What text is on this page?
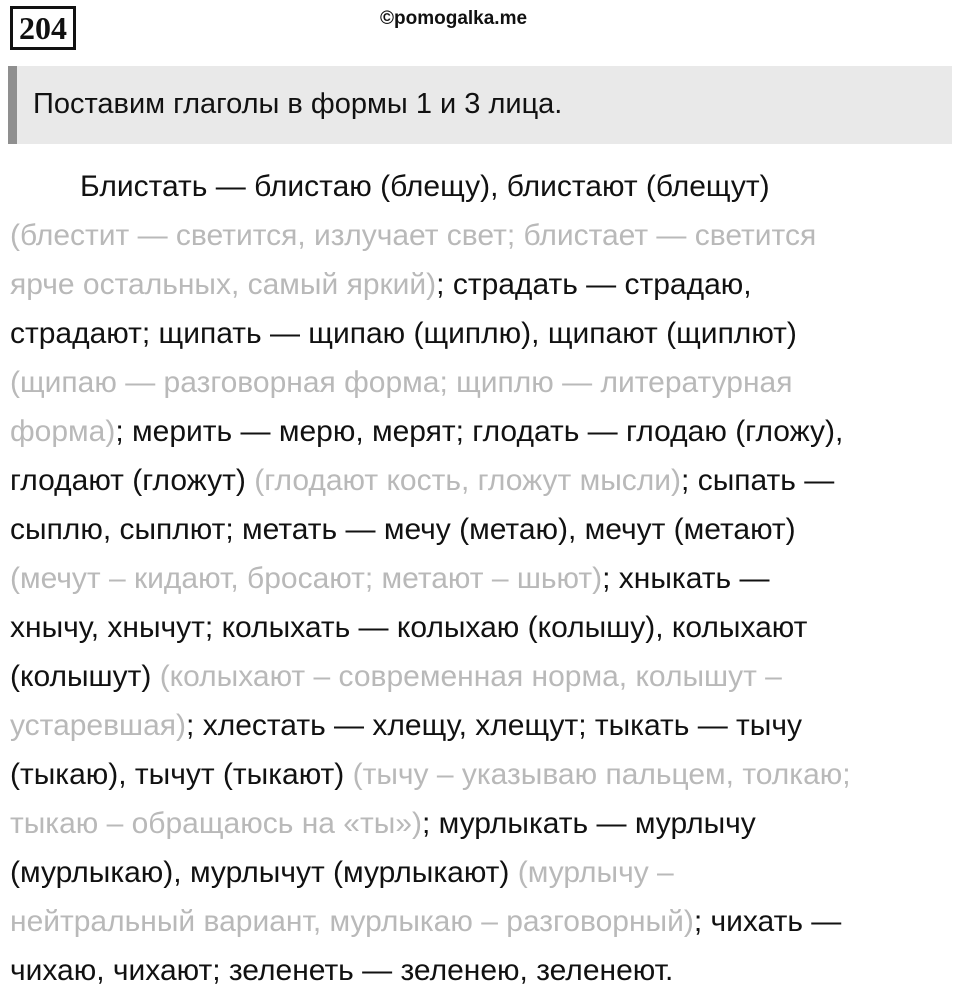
204	©pomogalka.me
Поставим глаголы в формы 1 и 3 лица.
Блистать — блистаю (блещу), блистают (блещут)
(блестит — светится, излучает свет; блистает — светится
ярче остальных, самый яркий); страдать — страдаю,
страдают; щипать — щипаю (щиплю), щипают (щиплют)
(щипаю — разговорная форма; щиплю — литературная
форма); мерить — мерю, мерят; глодать — глодаю (гложу),
глодают (гложут) (глодают кость, гложут мысли); сыпать —
сыплю, сыплют; метать — мечу (метаю), мечут (метают)
(мечут – кидают, бросают; метают – шьют); хныкать —
хнычу, хнычут; колыхать — колыхаю (колышу), колыхают
(колышут) (колыхают – современная норма, колышут –
устаревшая); хлестать — хлещу, хлещут; тыкать — тычу
(тыкаю), тычут (тыкают) (тычу – указываю пальцем, толкаю;
тыкаю – обращаюсь на «ты»); мурлыкать — мурлычу
(мурлыкаю), мурлычут (мурлыкают) (мурлычу –
нейтральный вариант, мурлыкаю – разговорный); чихать —
чихаю, чихают; зеленеть — зеленею, зеленеют.
